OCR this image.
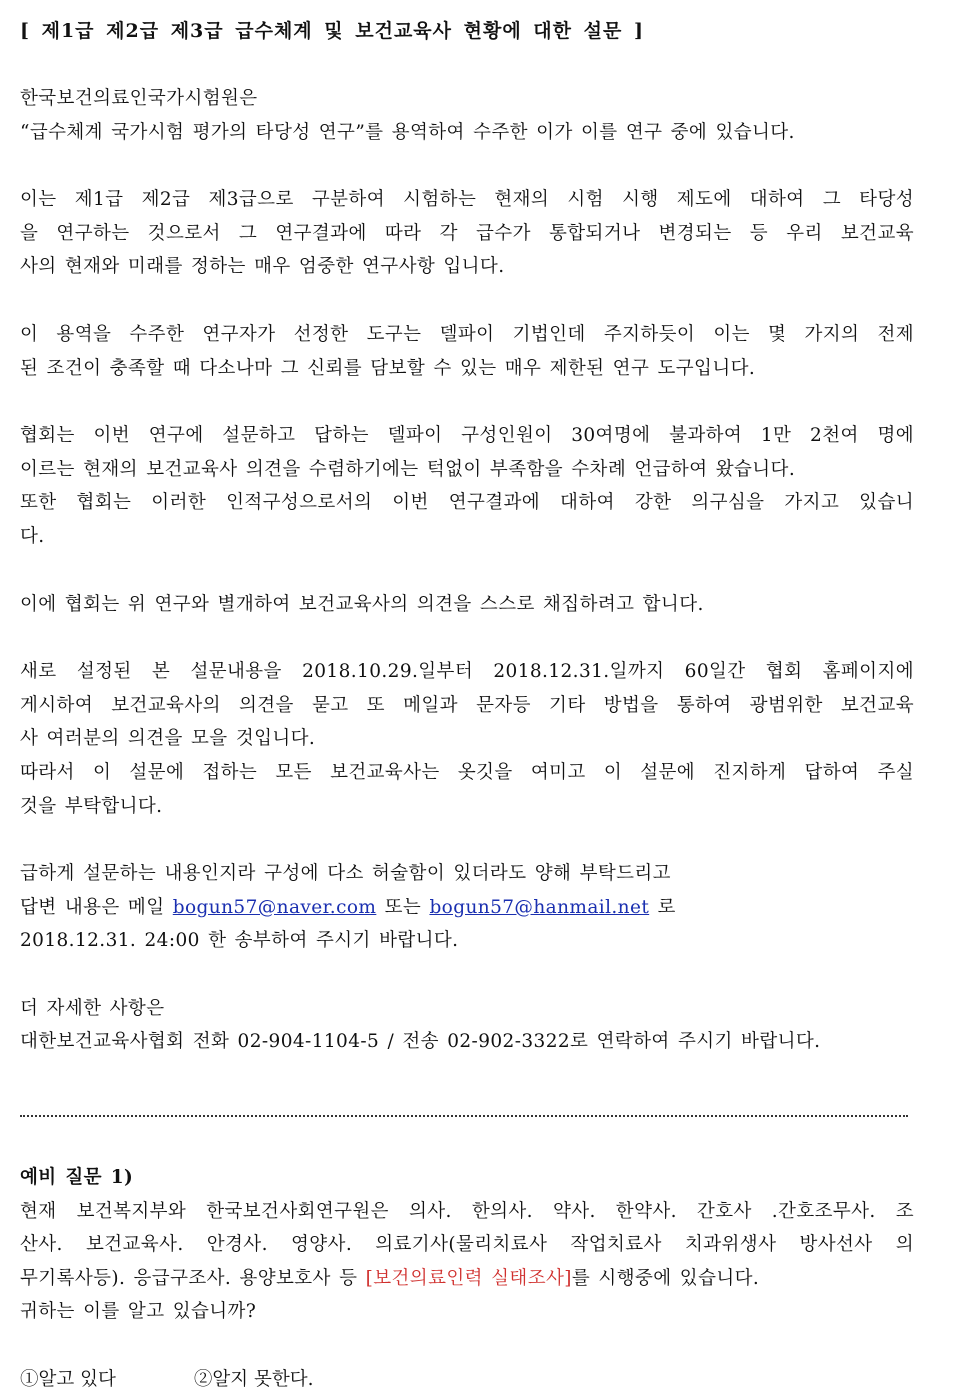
[ 제1급 제2급 제3급 급수체계 및 보건교육사 현황에 대한 설문 ]
한국보건의료인국가시험원은
“급수체계 국가시험 평가의 타당성 연구”를 용역하여 수주한 이가 이를 연구 중에 있습니다.
이는 제1급 제2급 제3급으로 구분하여 시험하는 현재의 시험 시행 제도에 대하여 그 타당성
을 연구하는 것으로서 그 연구결과에 따라 각 급수가 통합되거나 변경되는 등 우리 보건교육
사의 현재와 미래를 정하는 매우 엄중한 연구사항 입니다.
이 용역을 수주한 연구자가 선정한 도구는 델파이 기법인데 주지하듯이 이는 몇 가지의 전제
된 조건이 충족할 때 다소나마 그 신뢰를 담보할 수 있는 매우 제한된 연구 도구입니다.
협회는 이번 연구에 설문하고 답하는 델파이 구성인원이 30여명에 불과하여 1만 2천여 명에
이르는 현재의 보건교육사 의견을 수렴하기에는 턱없이 부족함을 수차례 언급하여 왔습니다.
또한 협회는 이러한 인적구성으로서의 이번 연구결과에 대하여 강한 의구심을 가지고 있습니
다.
이에 협회는 위 연구와 별개하여 보건교육사의 의견을 스스로 채집하려고 합니다.
새로 설정된 본 설문내용을 2018.10.29.일부터 2018.12.31.일까지 60일간 협회 홈페이지에
게시하여 보건교육사의 의견을 묻고 또 메일과 문자등 기타 방법을 통하여 광범위한 보건교육
사 여러분의 의견을 모을 것입니다.
따라서 이 설문에 접하는 모든 보건교육사는 옷깃을 여미고 이 설문에 진지하게 답하여 주실
것을 부탁합니다.
급하게 설문하는 내용인지라 구성에 다소 허술함이 있더라도 양해 부탁드리고
답변 내용은 메일 bogun57@naver.com 또는 bogun57@hanmail.net 로
2018.12.31. 24:00 한 송부하여 주시기 바랍니다.
더 자세한 사항은
대한보건교육사협회 전화 02-904-1104-5 / 전송 02-902-3322로 연락하여 주시기 바랍니다.
예비 질문 1)
현재 보건복지부와 한국보건사회연구원은 의사. 한의사. 약사. 한약사. 간호사 .간호조무사. 조
산사. 보건교육사. 안경사. 영양사. 의료기사(물리치료사 작업치료사 치과위생사 방사선사 의
무기록사등). 응급구조사. 용양보호사 등 [보건의료인력 실태조사]를 시행중에 있습니다.
귀하는 이를 알고 있습니까?
①알고 있다	②알지 못한다.
